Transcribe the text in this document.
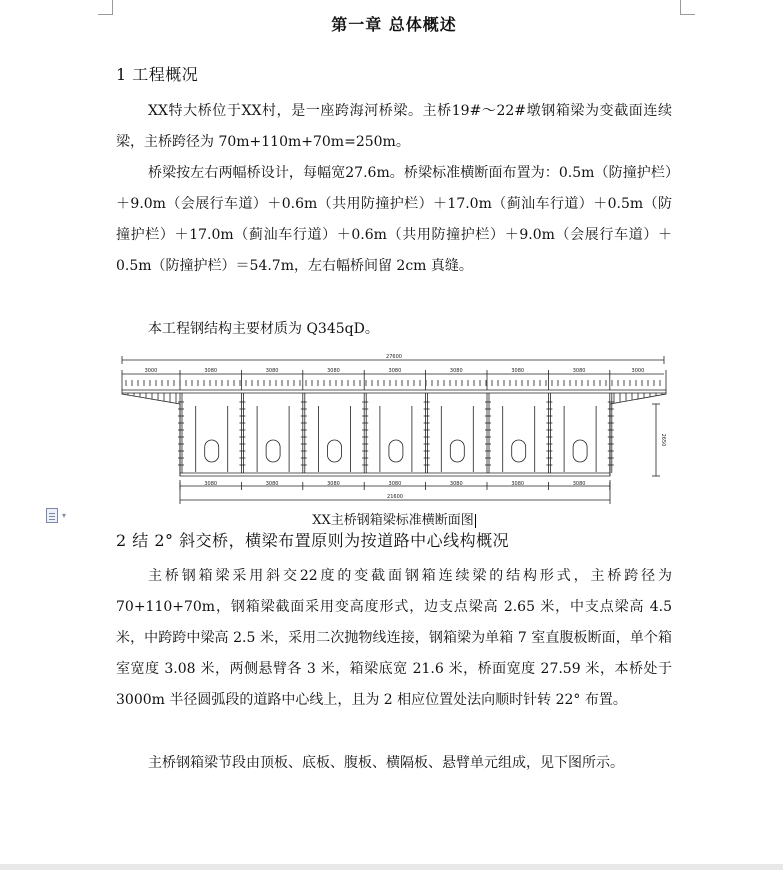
▾
第一章 总体概述
1 工程概况

XX特大桥位于XX村，是一座跨海河桥梁。主桥19#～22#墩钢箱梁为变截面连续梁，主桥跨径为 70m+110m+70m=250m。

桥梁按左右两幅桥设计，每幅宽27.6m。桥梁标准横断面布置为：0.5m（防撞护栏）＋9.0m（会展行车道）＋0.6m（共用防撞护栏）＋17.0m（蓟汕车行道）＋0.5m（防撞护栏）＋17.0m（蓟汕车行道）＋0.6m（共用防撞护栏）＋9.0m（会展行车道）＋0.5m（防撞护栏）＝54.7m，左右幅桥间留 2cm 真缝。

本工程钢结构主要材质为 Q345qD。

2 结 2° 斜交桥，横梁布置原则为按道路中心线构概况

主桥钢箱梁采用斜交22度的变截面钢箱连续梁的结构形式，主桥跨径为 70+110+70m，钢箱梁截面采用变高度形式，边支点梁高 2.65 米，中支点梁高 4.5 米，中跨跨中梁高 2.5 米，采用二次抛物线连接，钢箱梁为单箱 7 室直腹板断面，单个箱室宽度 3.08 米，两侧悬臂各 3 米，箱梁底宽 21.6 米，桥面宽度 27.59 米，本桥处于 3000m 半径圆弧段的道路中心线上，且为 2 相应位置处法向顺时针转 22° 布置。

主桥钢箱梁节段由顶板、底板、腹板、横隔板、悬臂单元组成，见下图所示。

27600
3000	3080	3080	3080	3080	3080	3080	3080	3000
3080	3080	3080	3080	3080	3080	3080
21600
2650
XX主桥钢箱梁标准横断面图
